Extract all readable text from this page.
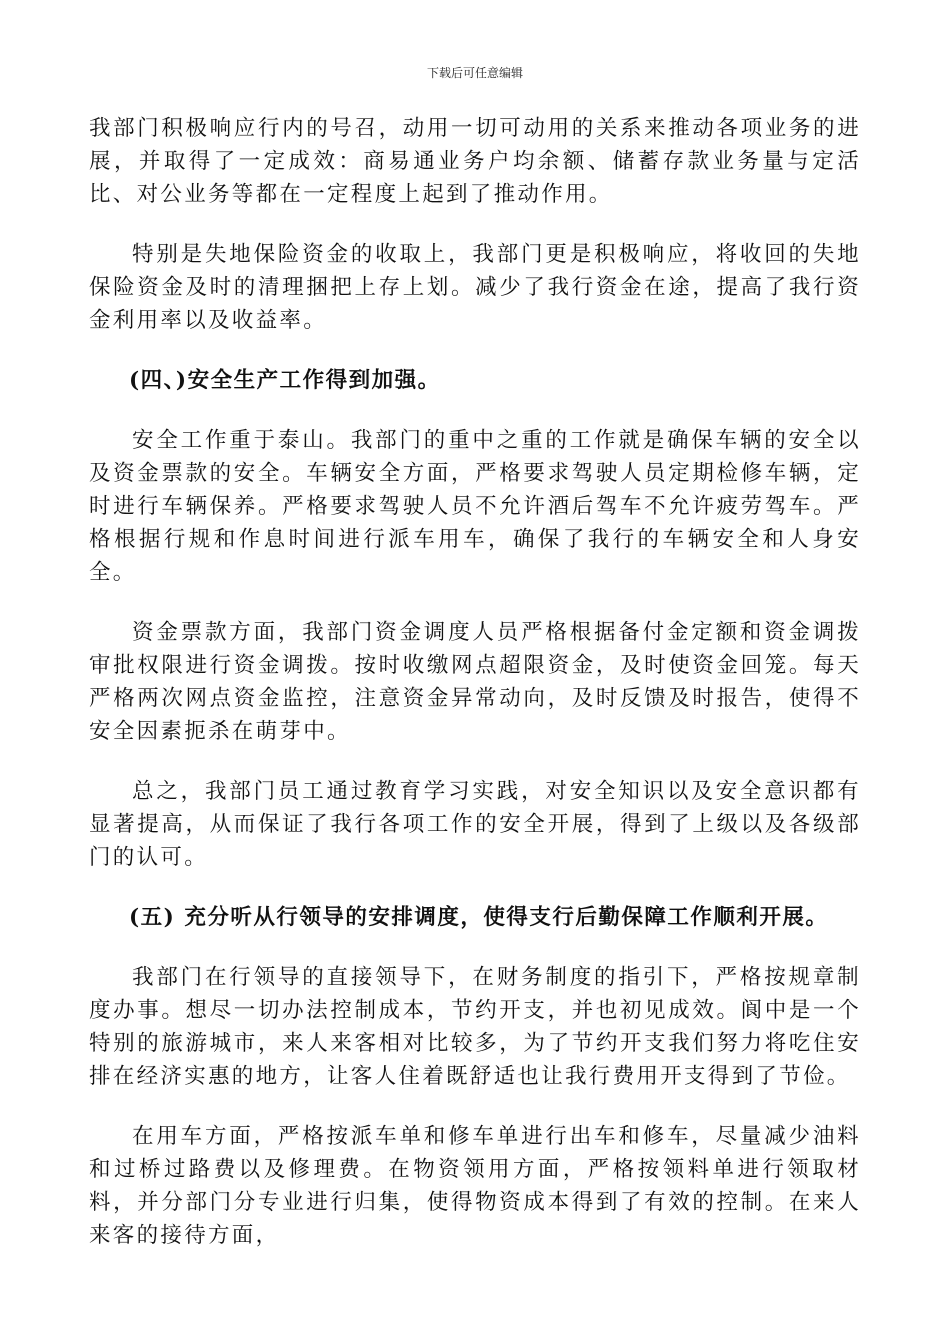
下载后可任意编辑

我部门积极响应行内的号召，动用一切可动用的关系来推动各项业务的进展，并取得了一定成效：商易通业务户均余额、储蓄存款业务量与定活比、对公业务等都在一定程度上起到了推动作用。

特别是失地保险资金的收取上，我部门更是积极响应，将收回的失地保险资金及时的清理捆把上存上划。减少了我行资金在途，提高了我行资金利用率以及收益率。

(四、)安全生产工作得到加强。

安全工作重于泰山。我部门的重中之重的工作就是确保车辆的安全以及资金票款的安全。车辆安全方面，严格要求驾驶人员定期检修车辆，定时进行车辆保养。严格要求驾驶人员不允许酒后驾车不允许疲劳驾车。严格根据行规和作息时间进行派车用车，确保了我行的车辆安全和人身安全。

资金票款方面，我部门资金调度人员严格根据备付金定额和资金调拨审批权限进行资金调拨。按时收缴网点超限资金，及时使资金回笼。每天严格两次网点资金监控，注意资金异常动向，及时反馈及时报告，使得不安全因素扼杀在萌芽中。

总之，我部门员工通过教育学习实践，对安全知识以及安全意识都有显著提高，从而保证了我行各项工作的安全开展，得到了上级以及各级部门的认可。

(五) 充分听从行领导的安排调度，使得支行后勤保障工作顺利开展。

我部门在行领导的直接领导下，在财务制度的指引下，严格按规章制度办事。想尽一切办法控制成本，节约开支，并也初见成效。阆中是一个特别的旅游城市，来人来客相对比较多，为了节约开支我们努力将吃住安排在经济实惠的地方，让客人住着既舒适也让我行费用开支得到了节俭。

在用车方面，严格按派车单和修车单进行出车和修车，尽量减少油料和过桥过路费以及修理费。在物资领用方面，严格按领料单进行领取材料，并分部门分专业进行归集，使得物资成本得到了有效的控制。在来人来客的接待方面，
